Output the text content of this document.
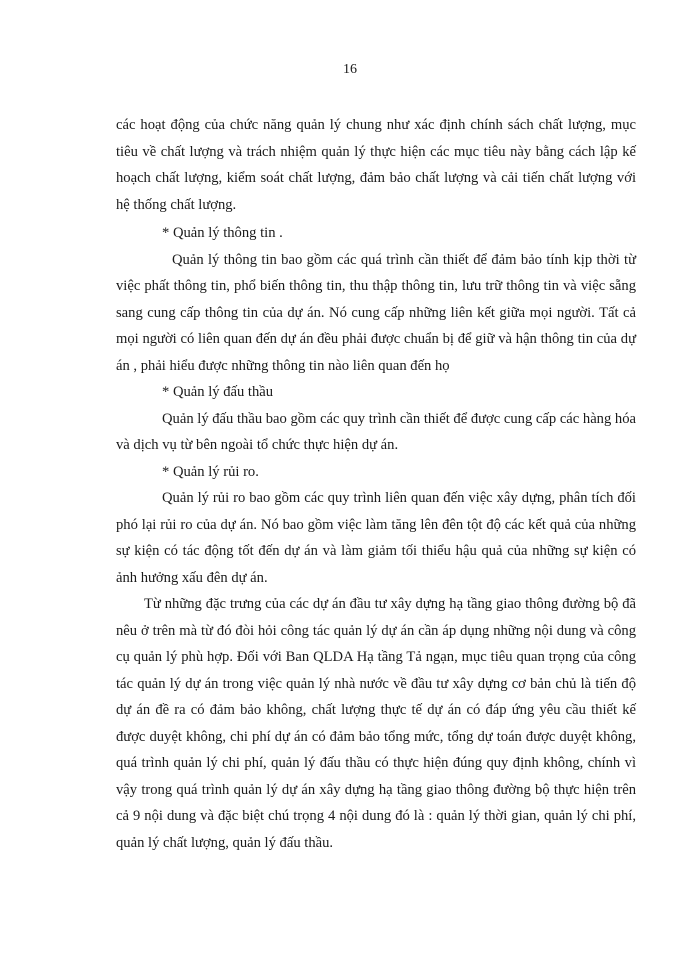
16

các hoạt động của chức năng quản lý chung như xác định chính sách chất lượng, mục tiêu về chất lượng và trách nhiệm quản lý thực hiện các mục tiêu này bằng cách lập kế hoạch chất lượng, kiểm soát chất lượng, đảm bảo chất lượng và cải tiến chất lượng với hệ thống chất lượng.

* Quản lý thông tin .

Quản lý thông tin bao gồm các quá trình cần thiết để đảm bảo tính kịp thời từ việc phất thông tin, phổ biến thông tin, thu thập thông tin, lưu trữ thông tin và việc sẵng sang cung cấp thông tin của dự án. Nó cung cấp những liên kết giữa mọi người. Tất cả mọi người có liên quan đến dự án đều phải được chuẩn bị để giữ và hận thông tin của dự án , phải hiểu được những thông tin nào liên quan đến họ

* Quản lý đấu thầu

Quản lý đấu thầu bao gồm các quy trình cần thiết để được cung cấp các hàng hóa và dịch vụ từ bên ngoài tổ chức thực hiện dự án.

* Quản lý rủi ro.

Quản lý rủi ro bao gồm các quy trình liên quan đến việc xây dựng, phân tích đối phó lại rủi ro của dự án. Nó bao gồm việc làm tăng lên đên tột độ các kết quả của những sự kiện có tác động tốt đến dự án và làm giảm tối thiểu hậu quả của những sự kiện có ảnh hưởng xấu đên dự án.

Từ những đặc trưng của các dự án đầu tư xây dựng hạ tầng giao thông đường bộ đã nêu ở trên mà từ đó đòi hỏi công tác quản lý dự án cần áp dụng những nội dung và công cụ quản lý phù hợp. Đối với Ban QLDA Hạ tầng Tả ngạn, mục tiêu quan trọng của công tác quản lý dự án trong việc quản lý nhà nước về đầu tư xây dựng cơ bản chủ là tiến độ dự án đề ra có đảm bảo không, chất lượng thực tế dự án có đáp ứng yêu cầu thiết kế được duyệt không, chi phí dự án có đảm bảo tổng mức, tổng dự toán được duyệt không, quá trình quản lý chi phí, quản lý đấu thầu có thực hiện đúng quy định không, chính vì vậy trong quá trình quản lý dự án xây dựng hạ tầng giao thông đường bộ thực hiện trên cả 9 nội dung và đặc biệt chú trọng 4 nội dung đó là : quản lý thời gian, quản lý chi phí, quản lý chất lượng, quản lý đấu thầu.
